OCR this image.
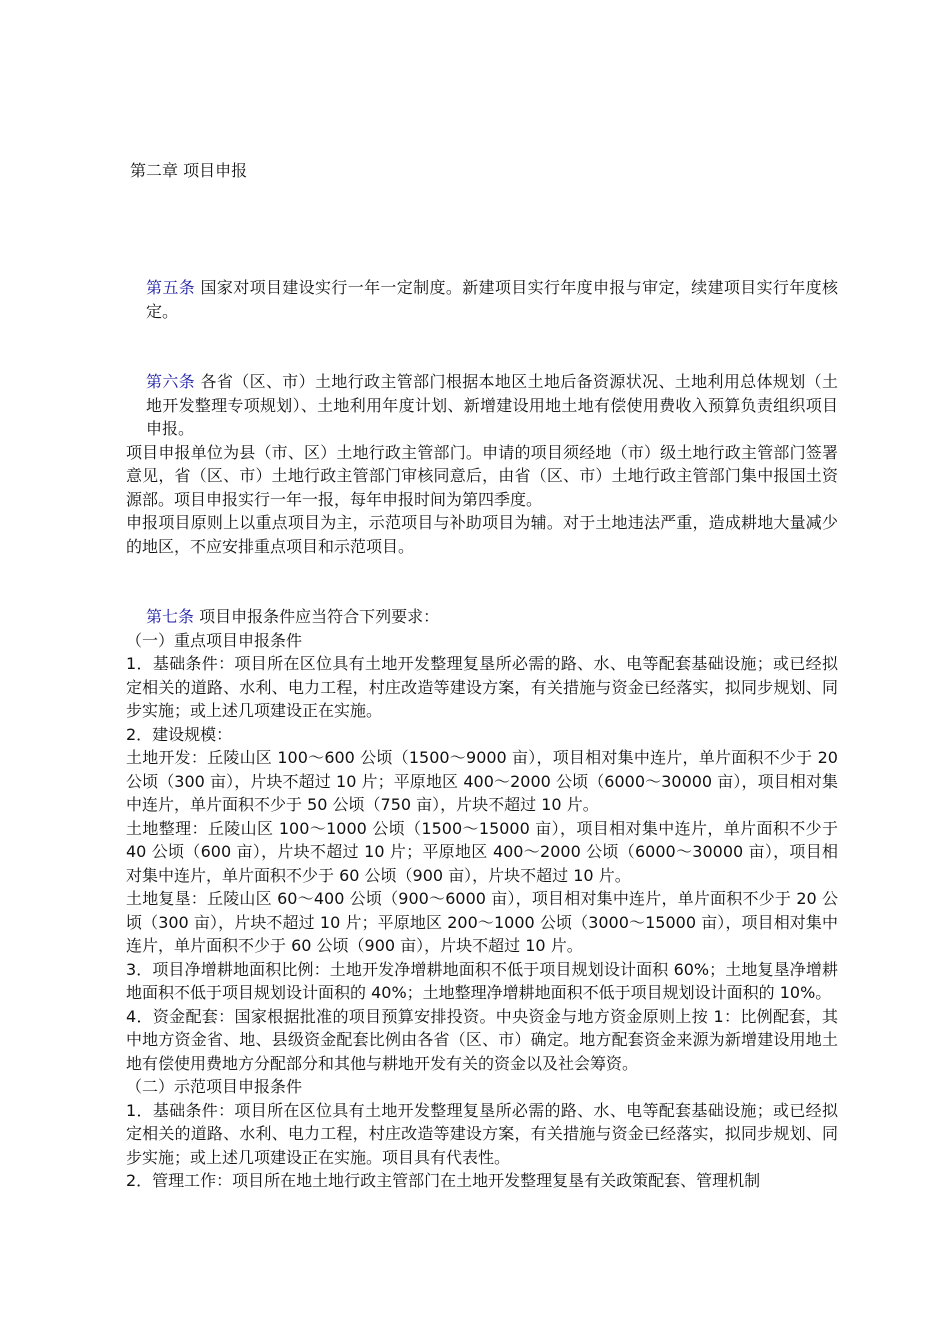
第二章 项目申报

第五条 国家对项目建设实行一年一定制度。新建项目实行年度申报与审定，续建项目实行年度核定。

第六条 各省（区、市）土地行政主管部门根据本地区土地后备资源状况、土地利用总体规划（土地开发整理专项规划）、土地利用年度计划、新增建设用地土地有偿使用费收入预算负责组织项目申报。

项目申报单位为县（市、区）土地行政主管部门。申请的项目须经地（市）级土地行政主管部门签署意见，省（区、市）土地行政主管部门审核同意后，由省（区、市）土地行政主管部门集中报国土资源部。项目申报实行一年一报，每年申报时间为第四季度。

申报项目原则上以重点项目为主，示范项目与补助项目为辅。对于土地违法严重，造成耕地大量减少的地区，不应安排重点项目和示范项目。

第七条 项目申报条件应当符合下列要求：

（一）重点项目申报条件

1．基础条件：项目所在区位具有土地开发整理复垦所必需的路、水、电等配套基础设施；或已经拟定相关的道路、水利、电力工程，村庄改造等建设方案，有关措施与资金已经落实，拟同步规划、同步实施；或上述几项建设正在实施。

2．建设规模：

土地开发：丘陵山区 100～600 公顷（1500～9000 亩），项目相对集中连片，单片面积不少于 20 公顷（300 亩），片块不超过 10 片；平原地区 400～2000 公顷（6000～30000 亩），项目相对集中连片，单片面积不少于 50 公顷（750 亩），片块不超过 10 片。

土地整理：丘陵山区 100～1000 公顷（1500～15000 亩），项目相对集中连片，单片面积不少于 40 公顷（600 亩），片块不超过 10 片；平原地区 400～2000 公顷（6000～30000 亩），项目相对集中连片，单片面积不少于 60 公顷（900 亩），片块不超过 10 片。

土地复垦：丘陵山区 60～400 公顷（900～6000 亩），项目相对集中连片，单片面积不少于 20 公顷（300 亩），片块不超过 10 片；平原地区 200～1000 公顷（3000～15000 亩），项目相对集中连片，单片面积不少于 60 公顷（900 亩），片块不超过 10 片。

3．项目净增耕地面积比例：土地开发净增耕地面积不低于项目规划设计面积 60%；土地复垦净增耕地面积不低于项目规划设计面积的 40%；土地整理净增耕地面积不低于项目规划设计面积的 10%。

4．资金配套：国家根据批准的项目预算安排投资。中央资金与地方资金原则上按 1：比例配套，其中地方资金省、地、县级资金配套比例由各省（区、市）确定。地方配套资金来源为新增建设用地土地有偿使用费地方分配部分和其他与耕地开发有关的资金以及社会筹资。

（二）示范项目申报条件

1．基础条件：项目所在区位具有土地开发整理复垦所必需的路、水、电等配套基础设施；或已经拟定相关的道路、水利、电力工程，村庄改造等建设方案，有关措施与资金已经落实，拟同步规划、同步实施；或上述几项建设正在实施。项目具有代表性。

2．管理工作：项目所在地土地行政主管部门在土地开发整理复垦有关政策配套、管理机制
